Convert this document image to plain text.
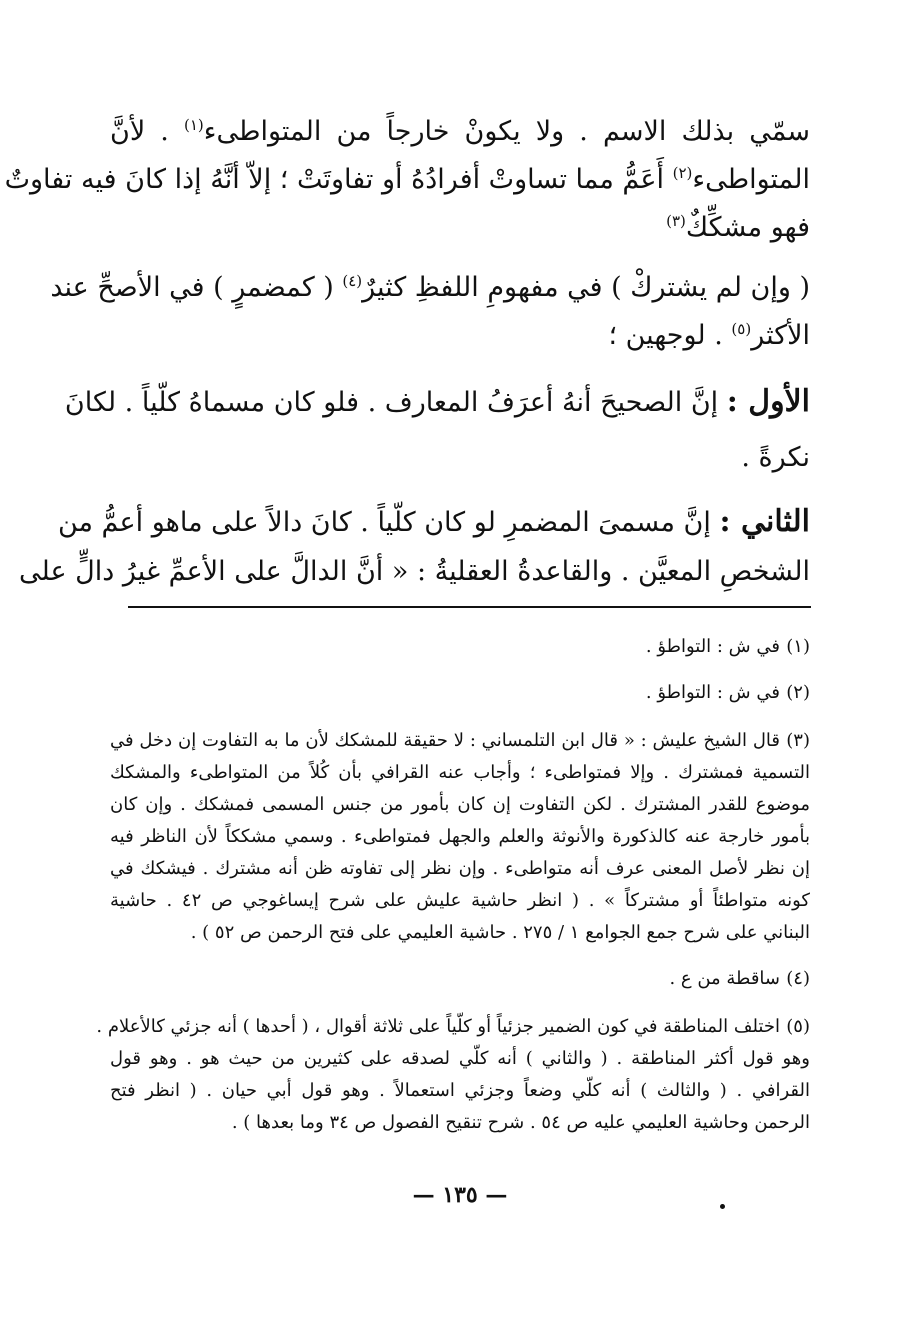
سمّي بذلك الاسم . ولا يكونْ خارجاً من المتواطىء$^{(١)}$ . لأنَّ
المتواطىء$^{(٢)}$ أَعَمُّ مما تساوتْ أفرادُهُ أو تفاوتَتْ ؛ إلاّ أنَّهُ إذا كانَ فيه تفاوتٌ
فهو مشكِّكٌ$^{(٣)}$
( وإن لم يشتركْ ) في مفهومِ اللفظِ كثيرٌ$^{(٤)}$ ( كمضمرٍ ) في الأصحِّ عند
الأكثر$^{(٥)}$ . لوجهين ؛
الأول : إنَّ الصحيحَ أنهُ أعرَفُ المعارف . فلو كان مسماهُ كلّياً . لكانَ
نكرةً .
الثاني : إنَّ مسمىَ المضمرِ لو كان كلّياً . كانَ دالاً على ماهو أعمُّ من
الشخصِ المعيَّن . والقاعدةُ العقليةُ : « أنَّ الدالَّ على الأعمِّ غيرُ دالٍّ على
(١)في ش : التواطؤ .
(٢)في ش : التواطؤ .
(٣)قال الشيخ عليش : « قال ابن التلمساني : لا حقيقة للمشكك لأن ما به التفاوت إن دخل في
التسمية فمشترك . وإلا فمتواطىء ؛ وأجاب عنه القرافي بأن كُلاً من المتواطىء والمشكك
موضوع للقدر المشترك . لكن التفاوت إن كان بأمور من جنس المسمى فمشكك . وإن كان
بأمور خارجة عنه كالذكورة والأنوثة والعلم والجهل فمتواطىء . وسمي مشككاً لأن الناظر فيه
إن نظر لأصل المعنى عرف أنه متواطىء . وإن نظر إلى تفاوته ظن أنه مشترك . فيشكك في
كونه متواطئاً أو مشتركاً » . ( انظر حاشية عليش على شرح إيساغوجي ص ٤٢ . حاشية
البناني على شرح جمع الجوامع ١ / ٢٧٥ . حاشية العليمي على فتح الرحمن ص ٥٢ ) .
(٤)ساقطة من ع .
(٥)اختلف المناطقة في كون الضمير جزئياً أو كلّياً على ثلاثة أقوال ، ( أحدها ) أنه جزئي كالأعلام .
وهو قول أكثر المناطقة . ( والثاني ) أنه كلّي لصدقه على كثيرين من حيث هو . وهو قول
القرافي . ( والثالث ) أنه كلّي وضعاً وجزئي استعمالاً . وهو قول أبي حيان . ( انظر فتح
الرحمن وحاشية العليمي عليه ص ٥٤ . شرح تنقيح الفصول ص ٣٤ وما بعدها ) .
— ١٣٥ —
